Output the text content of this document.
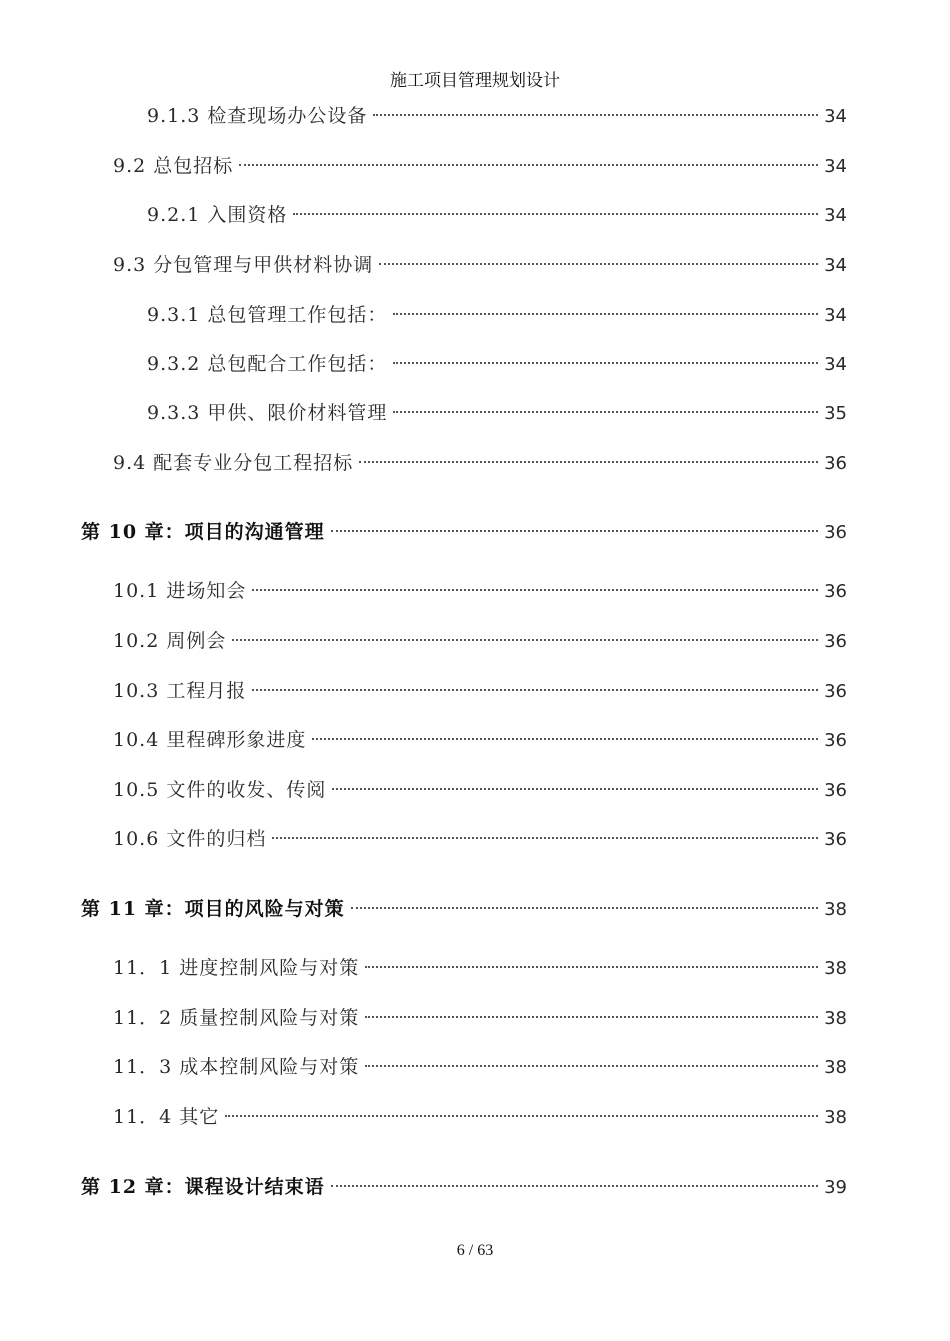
施工项目管理规划设计
9.1.3 检查现场办公设备	34
9.2 总包招标	34
9.2.1 入围资格	34
9.3 分包管理与甲供材料协调	34
9.3.1 总包管理工作包括：	34
9.3.2 总包配合工作包括：	34
9.3.3 甲供、限价材料管理	35
9.4 配套专业分包工程招标	36
第 10 章：项目的沟通管理	36
10.1 进场知会	36
10.2 周例会	36
10.3 工程月报	36
10.4 里程碑形象进度	36
10.5 文件的收发、传阅	36
10.6 文件的归档	36
第 11 章：项目的风险与对策	38
11．1 进度控制风险与对策	38
11．2 质量控制风险与对策	38
11．3 成本控制风险与对策	38
11．4 其它	38
第 12 章：课程设计结束语	39
6 / 63
